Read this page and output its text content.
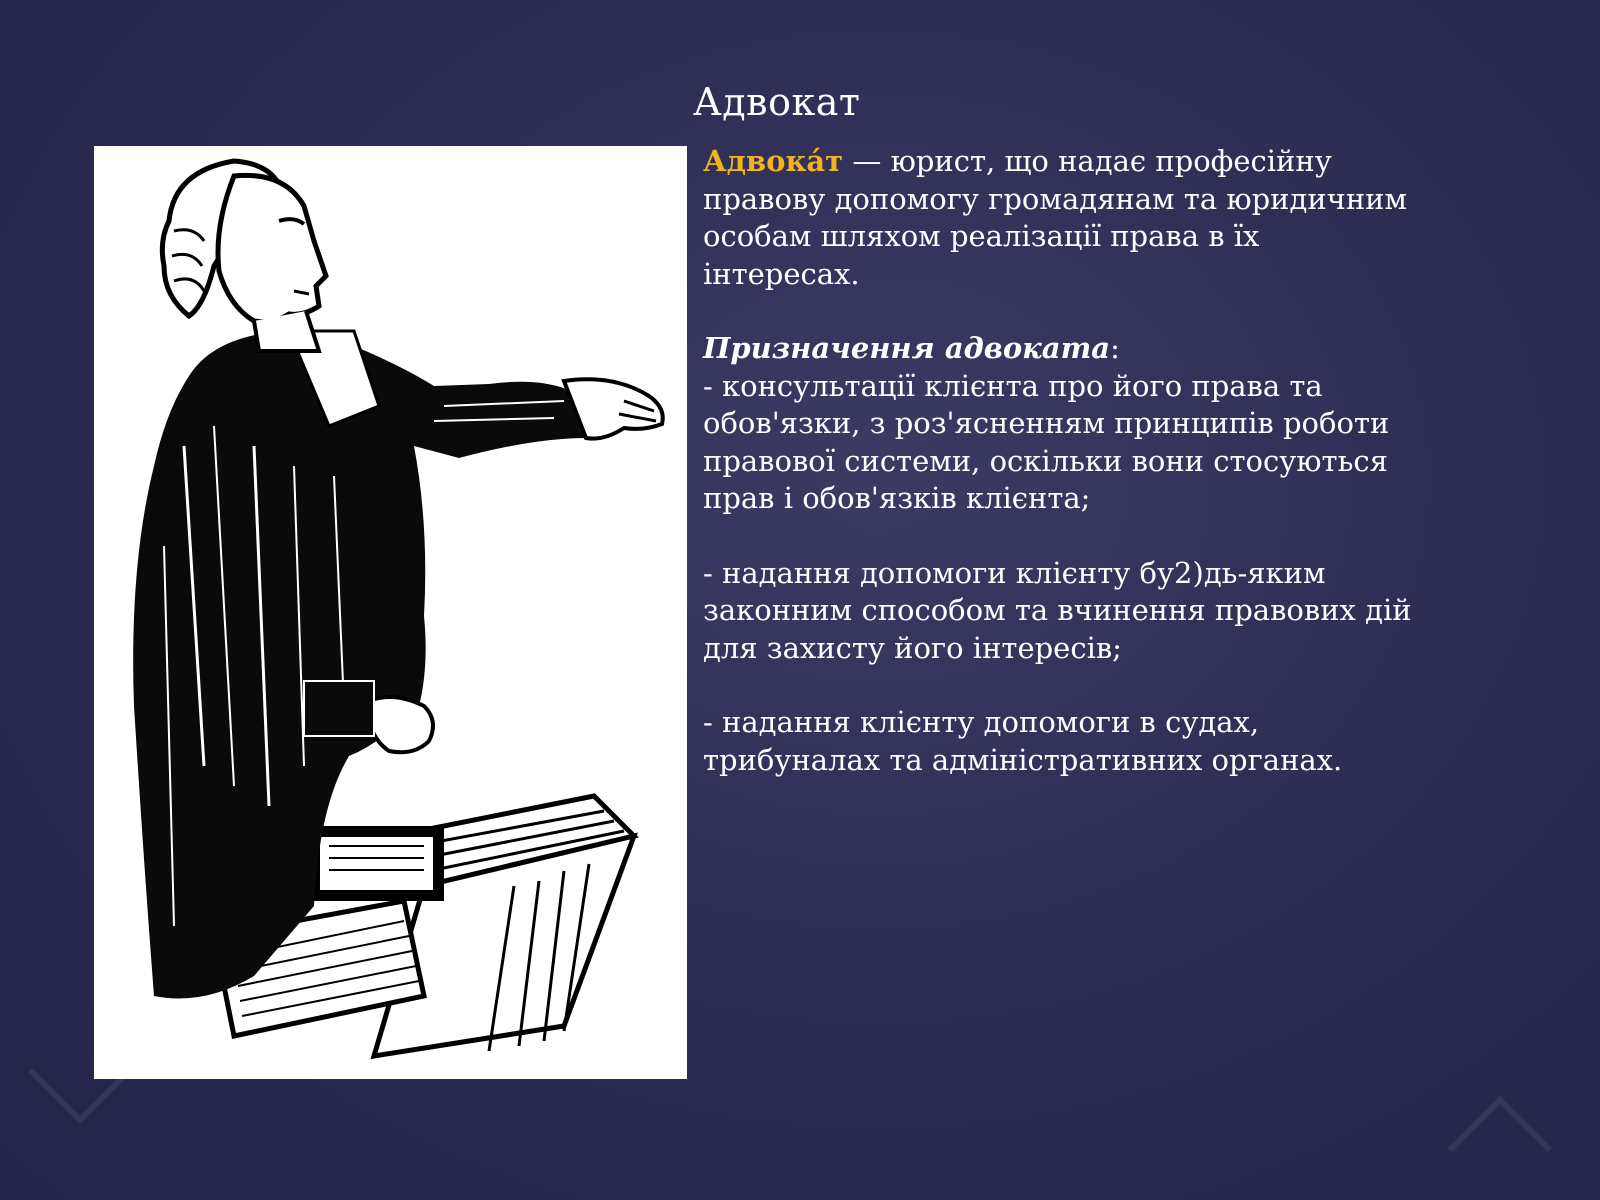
Адвокат

Адвока́т — юрист, що надає професійну правову допомогу громадянам та юридичним особам шляхом реалізації права в їх інтересах.

Призначення адвоката:

- консультації клієнта про його права та обов'язки, з роз'ясненням принципів роботи правової системи, оскільки вони стосуються прав і обов'язків клієнта;

- надання допомоги клієнту бу2)дь-яким законним способом та вчинення правових дій для захисту його інтересів;

- надання клієнту допомоги в судах, трибуналах та адміністративних органах.
